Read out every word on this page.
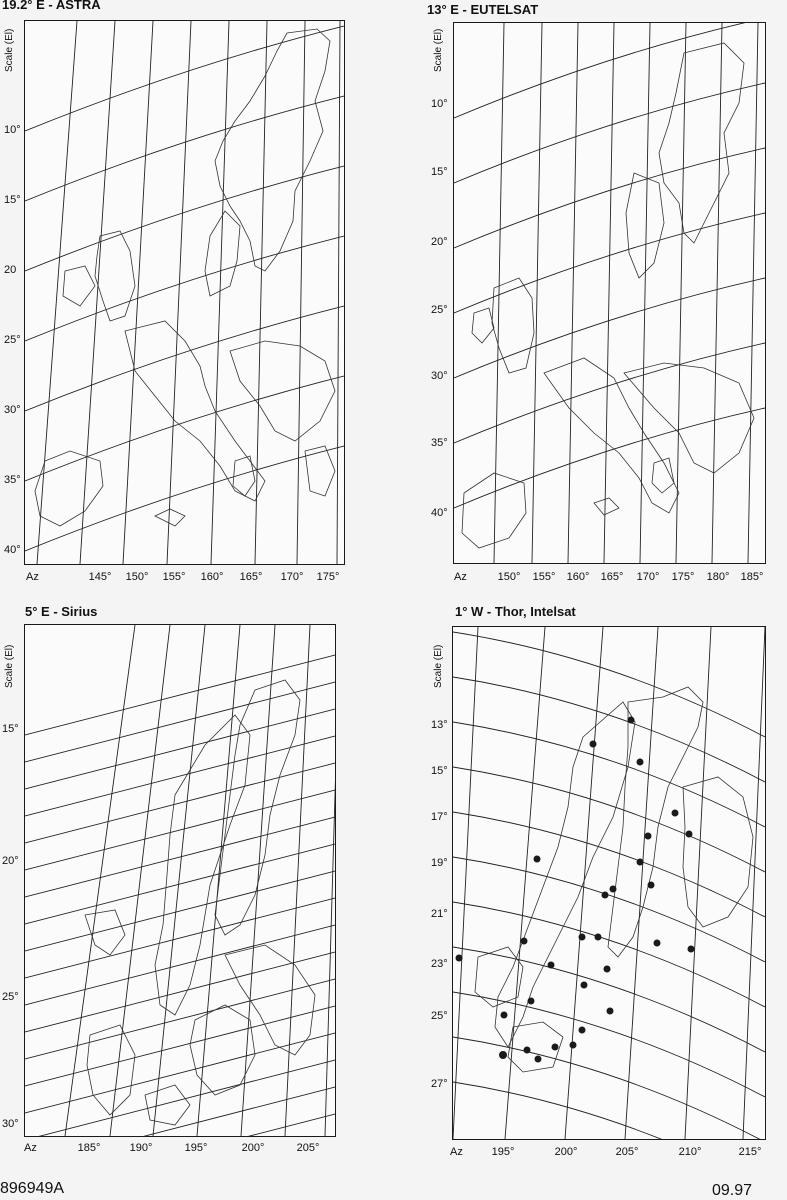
19.2° E - ASTRA
Scale (El)
10°
15°
20
25°
30°
35°
40°
Az	145° 150° 155° 160° 165° 170° 175°
13° E - EUTELSAT
Scale (El)
10°
15°
20°
25°
30°
35°
40°
Az	150° 155° 160° 165° 170° 175° 180° 185°
5° E - Sirius
Scale (El)
15°
20°
25°
30°
Az	185°	190°	195°	200°	205°
1° W - Thor, Intelsat
Scale (El)
13°
15°
17°
19°
21°
23°
25°
27°
Az	195°	200°	205°	210°	215°
896949A	09.97
